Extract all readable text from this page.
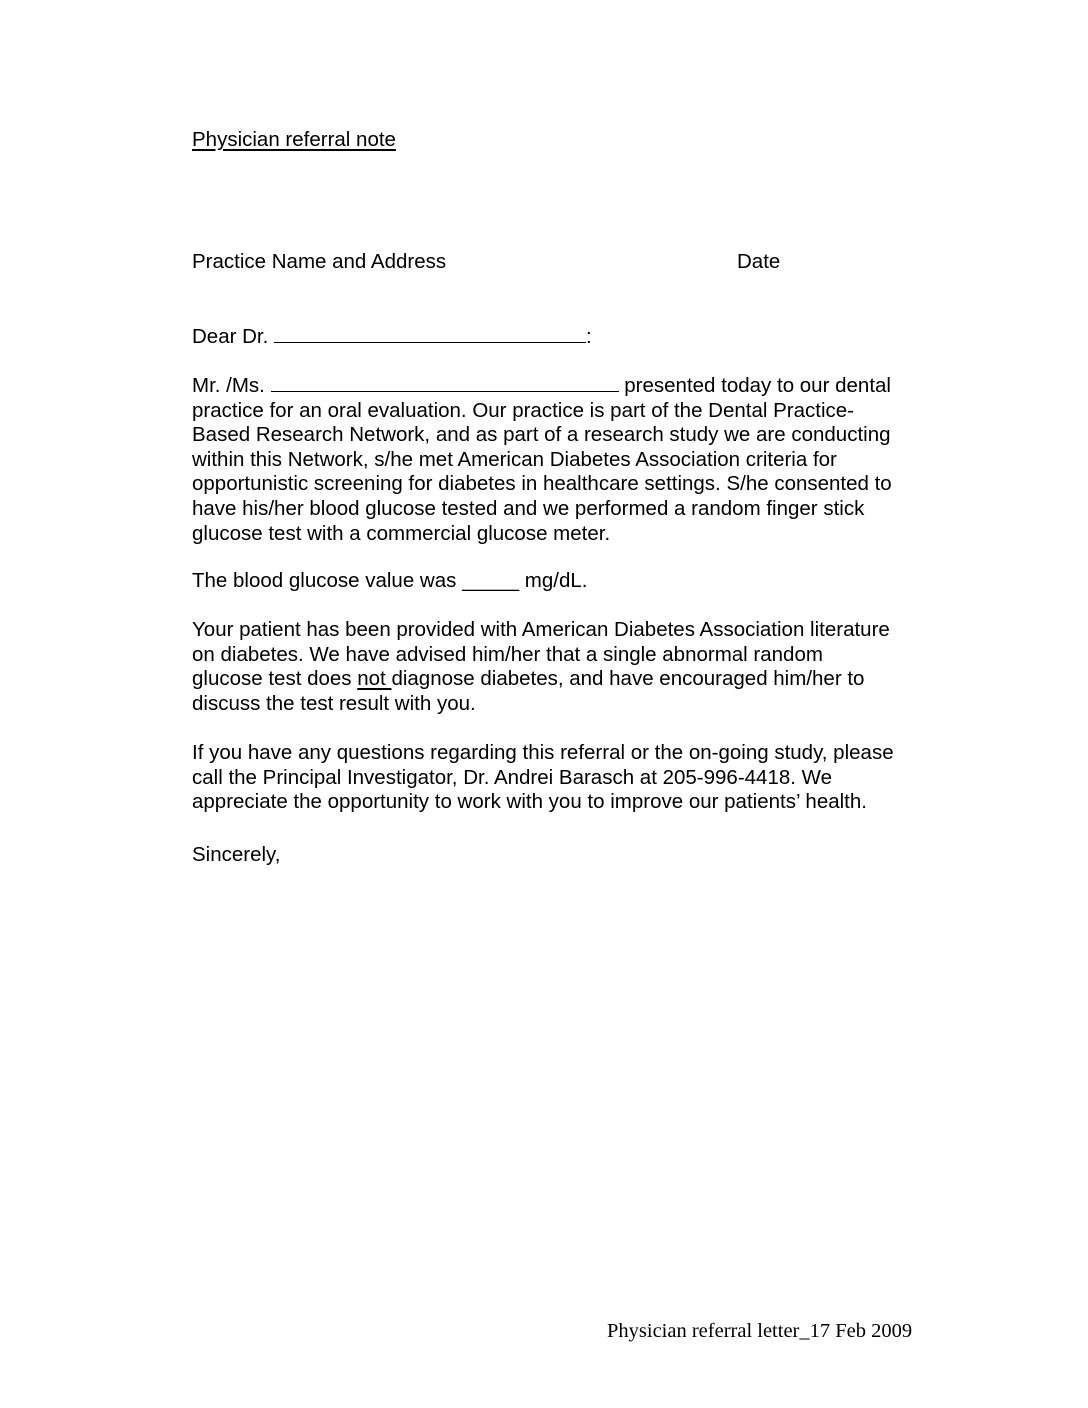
Physician referral note
Practice Name and Address	Date
Dear Dr.	:
Mr. /Ms.	presented today to our dental
practice for an oral evaluation. Our practice is part of the Dental Practice-
Based Research Network, and as part of a research study we are conducting
within this Network, s/he met American Diabetes Association criteria for
opportunistic screening for diabetes in healthcare settings. S/he consented to
have his/her blood glucose tested and we performed a random finger stick
glucose test with a commercial glucose meter.
The blood glucose value was _____ mg/dL.
Your patient has been provided with American Diabetes Association literature
on diabetes. We have advised him/her that a single abnormal random
glucose test does not diagnose diabetes, and have encouraged him/her to
discuss the test result with you.
If you have any questions regarding this referral or the on-going study, please
call the Principal Investigator, Dr. Andrei Barasch at 205-996-4418. We
appreciate the opportunity to work with you to improve our patients’ health.
Sincerely,
Physician referral letter_17 Feb 2009
